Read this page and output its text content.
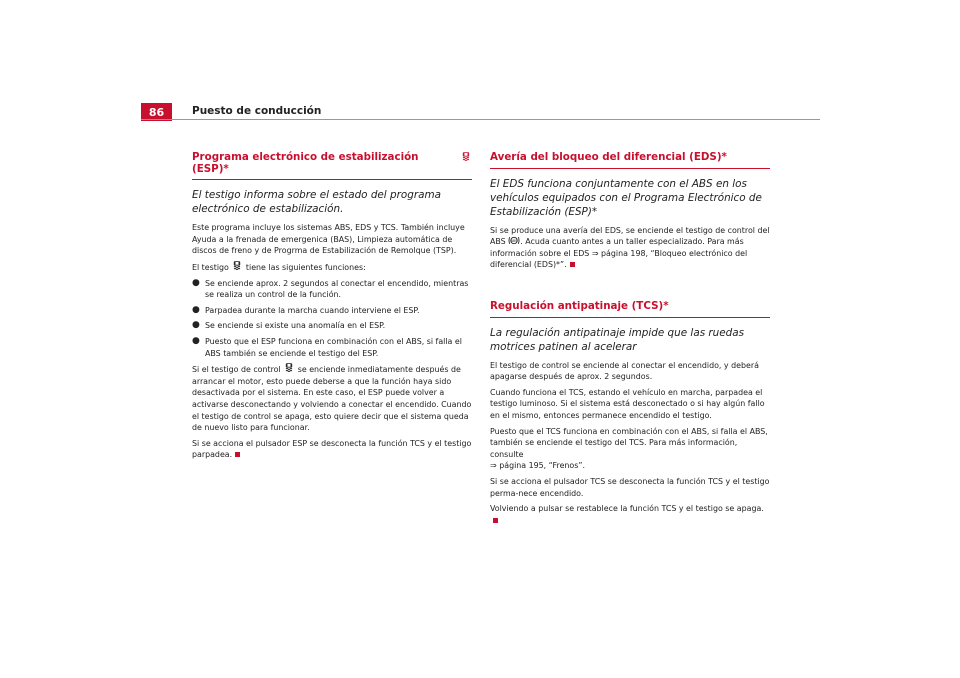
86	Puesto de conducción
Programa electrónico de estabilización (ESP)*
El testigo informa sobre el estado del programa electrónico de estabilización.

Este programa incluye los sistemas ABS, EDS y TCS. También incluye Ayuda a la frenada de emergenica (BAS), Limpieza automática de discos de freno y de Progrma de Estabilización de Remolque (TSP).

El testigo tiene las siguientes funciones:

● Se enciende aprox. 2 segundos al conectar el encendido, mientras se realiza un control de la función.
● Parpadea durante la marcha cuando interviene el ESP.
● Se enciende si existe una anomalía en el ESP.
● Puesto que el ESP funciona en combinación con el ABS, si falla el ABS también se enciende el testigo del ESP.

Si el testigo de control se enciende inmediatamente después de arrancar el motor, esto puede deberse a que la función haya sido desactivada por el sistema. En este caso, el ESP puede volver a activarse desconectando y volviendo a conectar el encendido. Cuando el testigo de control se apaga, esto quiere decir que el sistema queda de nuevo listo para funcionar.

Si se acciona el pulsador ESP se desconecta la función TCS y el testigo parpadea.

Avería del bloqueo del diferencial (EDS)*
El EDS funciona conjuntamente con el ABS en los vehículos equipados con el Programa Electrónico de Estabilización (ESP)*

Si se produce una avería del EDS, se enciende el testigo de control del ABS ABS . Acuda cuanto antes a un taller especializado. Para más información sobre el EDS ⇒ página 198, “Bloqueo electrónico del diferencial (EDS)*”.

Regulación antipatinaje (TCS)*
La regulación antipatinaje impide que las ruedas motrices patinen al acelerar

El testigo de control se enciende al conectar el encendido, y deberá apagarse después de aprox. 2 segundos.

Cuando funciona el TCS, estando el vehículo en marcha, parpadea el testigo luminoso. Si el sistema está desconectado o si hay algún fallo en el mismo, entonces permanece encendido el testigo.

Puesto que el TCS funciona en combinación con el ABS, si falla el ABS, también se enciende el testigo del TCS. Para más información, consulte
⇒ página 195, “Frenos”.

Si se acciona el pulsador TCS se desconecta la función TCS y el testigo perma-nece encendido.

Volviendo a pulsar se restablece la función TCS y el testigo se apaga.
